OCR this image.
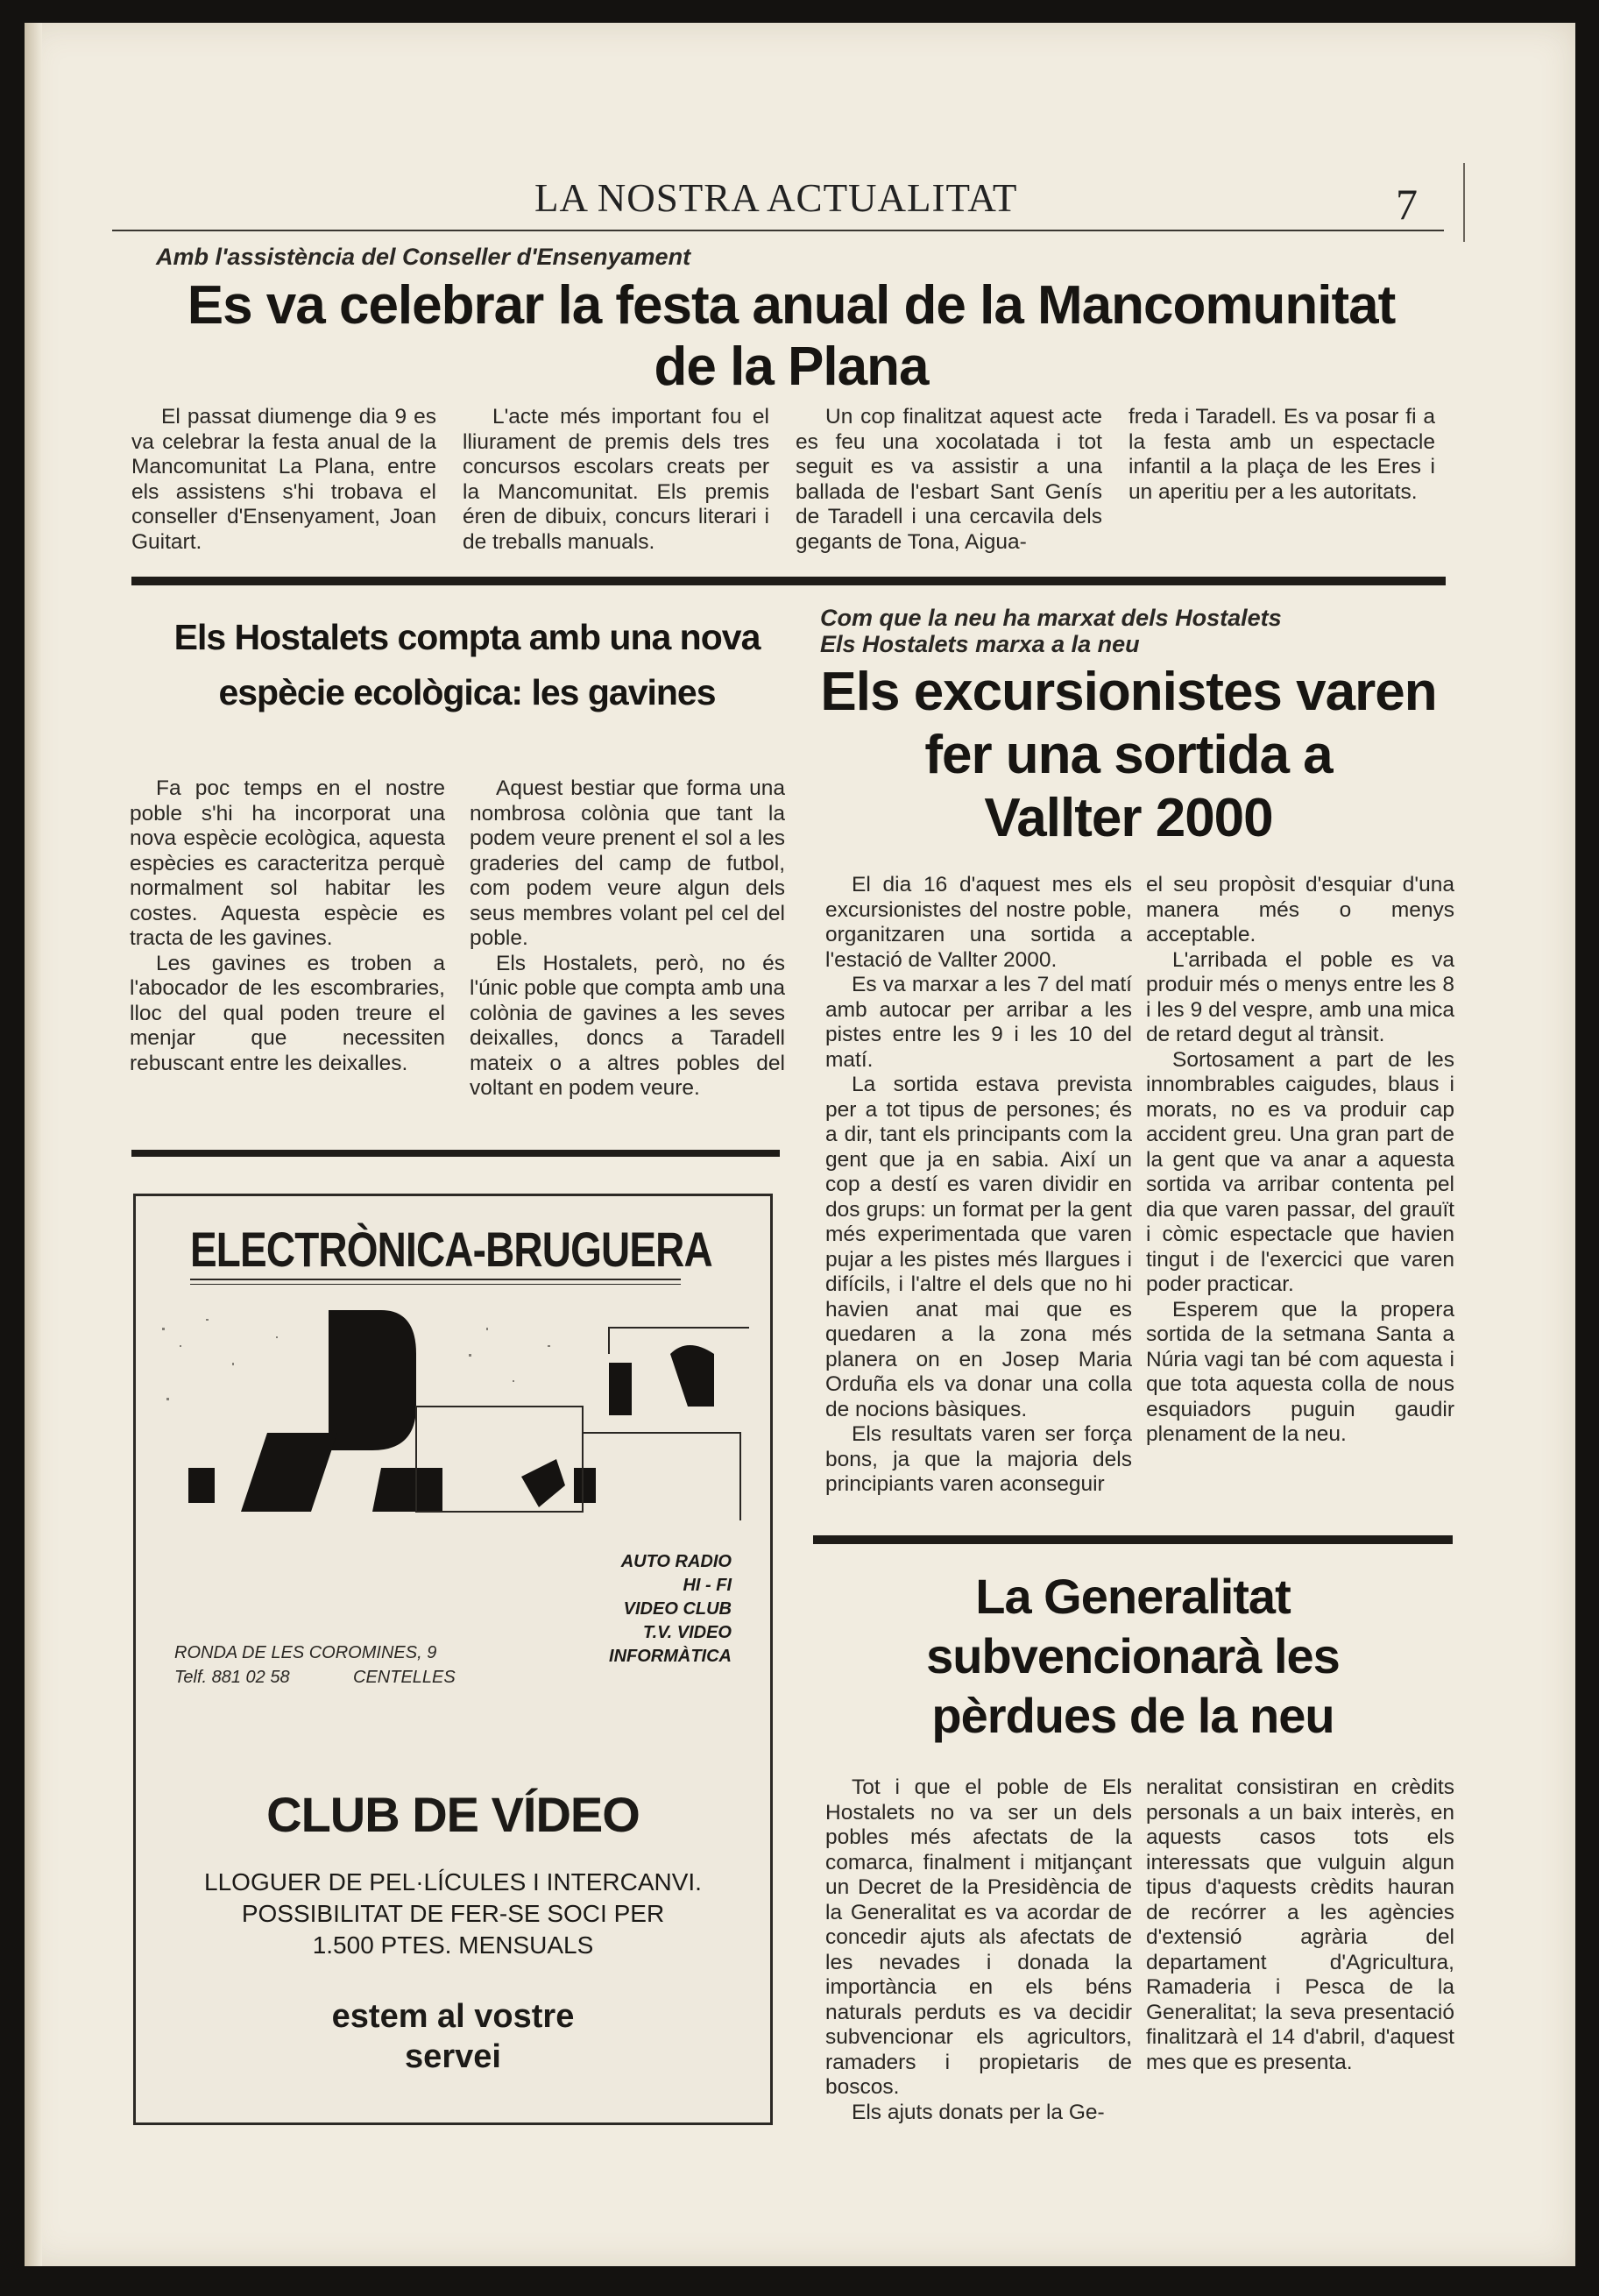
LA NOSTRA ACTUALITAT	7
Amb l'assistència del Conseller d'Ensenyament
Es va celebrar la festa anual de la Mancomunitat
de la Plana

El passat diumenge dia 9 es va celebrar la festa anual de la Mancomunitat La Plana, entre els assistens s'hi trobava el conseller d'Ensenyament, Joan Guitart.

L'acte més important fou el lliurament de premis dels tres concursos escolars creats per la Mancomunitat. Els premis éren de dibuix, concurs literari i de treballs manuals.

Un cop finalitzat aquest acte es feu una xocolatada i tot seguit es va assistir a una ballada de l'esbart Sant Genís de Taradell i una cercavila dels gegants de Tona, Aigua-

freda i Taradell. Es va posar fi a la festa amb un espectacle infantil a la plaça de les Eres i un aperitiu per a les autoritats.

Els Hostalets compta amb una nova
espècie ecològica: les gavines

Fa poc temps en el nostre poble s'hi ha incorporat una nova espècie ecològica, aquesta espècies es caracteritza perquè normalment sol habitar les costes. Aquesta espècie es tracta de les gavines.

Les gavines es troben a l'abocador de les escombraries, lloc del qual poden treure el menjar que necessiten rebuscant entre les deixalles.

Aquest bestiar que forma una nombrosa colònia que tant la podem veure prenent el sol a les graderies del camp de futbol, com podem veure algun dels seus membres volant pel cel del poble.

Els Hostalets, però, no és l'únic poble que compta amb una colònia de gavines a les seves deixalles, doncs a Taradell mateix o a altres pobles del voltant en podem veure.

ELECTRÒNICA-BRUGUERA
AUTO RADIO
HI - FI
VIDEO CLUB
T.V. VIDEO
INFORMÀTICA
RONDA DE LES COROMINES, 9
Telf. 881 02 58	CENTELLES
CLUB DE VÍDEO
LLOGUER DE PEL·LÍCULES I INTERCANVI.
POSSIBILITAT DE FER-SE SOCI PER
1.500 PTES. MENSUALS
estem al vostre
servei
Com que la neu ha marxat dels Hostalets
Els Hostalets marxa a la neu
Els excursionistes varen
fer una sortida a
Vallter 2000

El dia 16 d'aquest mes els excursionistes del nostre poble, organitzaren una sortida a l'estació de Vallter 2000.

Es va marxar a les 7 del matí amb autocar per arribar a les pistes entre les 9 i les 10 del matí.

La sortida estava prevista per a tot tipus de persones; és a dir, tant els principants com la gent que ja en sabia. Així un cop a destí es varen dividir en dos grups: un format per la gent més experimentada que varen pujar a les pistes més llargues i difícils, i l'altre el dels que no hi havien anat mai que es quedaren a la zona més planera on en Josep Maria Orduña els va donar una colla de nocions bàsiques.

Els resultats varen ser força bons, ja que la majoria dels principiants varen aconseguir

el seu propòsit d'esquiar d'una manera més o menys acceptable.

L'arribada el poble es va produir més o menys entre les 8 i les 9 del vespre, amb una mica de retard degut al trànsit.

Sortosament a part de les innombrables caigudes, blaus i morats, no es va produir cap accident greu. Una gran part de la gent que va anar a aquesta sortida va arribar contenta pel dia que varen passar, del grauït i còmic espectacle que havien tingut i de l'exercici que varen poder practicar.

Esperem que la propera sortida de la setmana Santa a Núria vagi tan bé com aquesta i que tota aquesta colla de nous esquiadors puguin gaudir plenament de la neu.

La Generalitat
subvencionarà les
pèrdues de la neu

Tot i que el poble de Els Hostalets no va ser un dels pobles més afectats de la comarca, finalment i mitjançant un Decret de la Presidència de la Generalitat es va acordar de concedir ajuts als afectats de les nevades i donada la importància en els béns naturals perduts es va decidir subvencionar els agricultors, ramaders i propietaris de boscos.

Els ajuts donats per la Ge-

neralitat consistiran en crèdits personals a un baix interès, en aquests casos tots els interessats que vulguin algun tipus d'aquests crèdits hauran de recórrer a les agències d'extensió agrària del departament d'Agricultura, Ramaderia i Pesca de la Generalitat; la seva presentació finalitzarà el 14 d'abril, d'aquest mes que es presenta.
